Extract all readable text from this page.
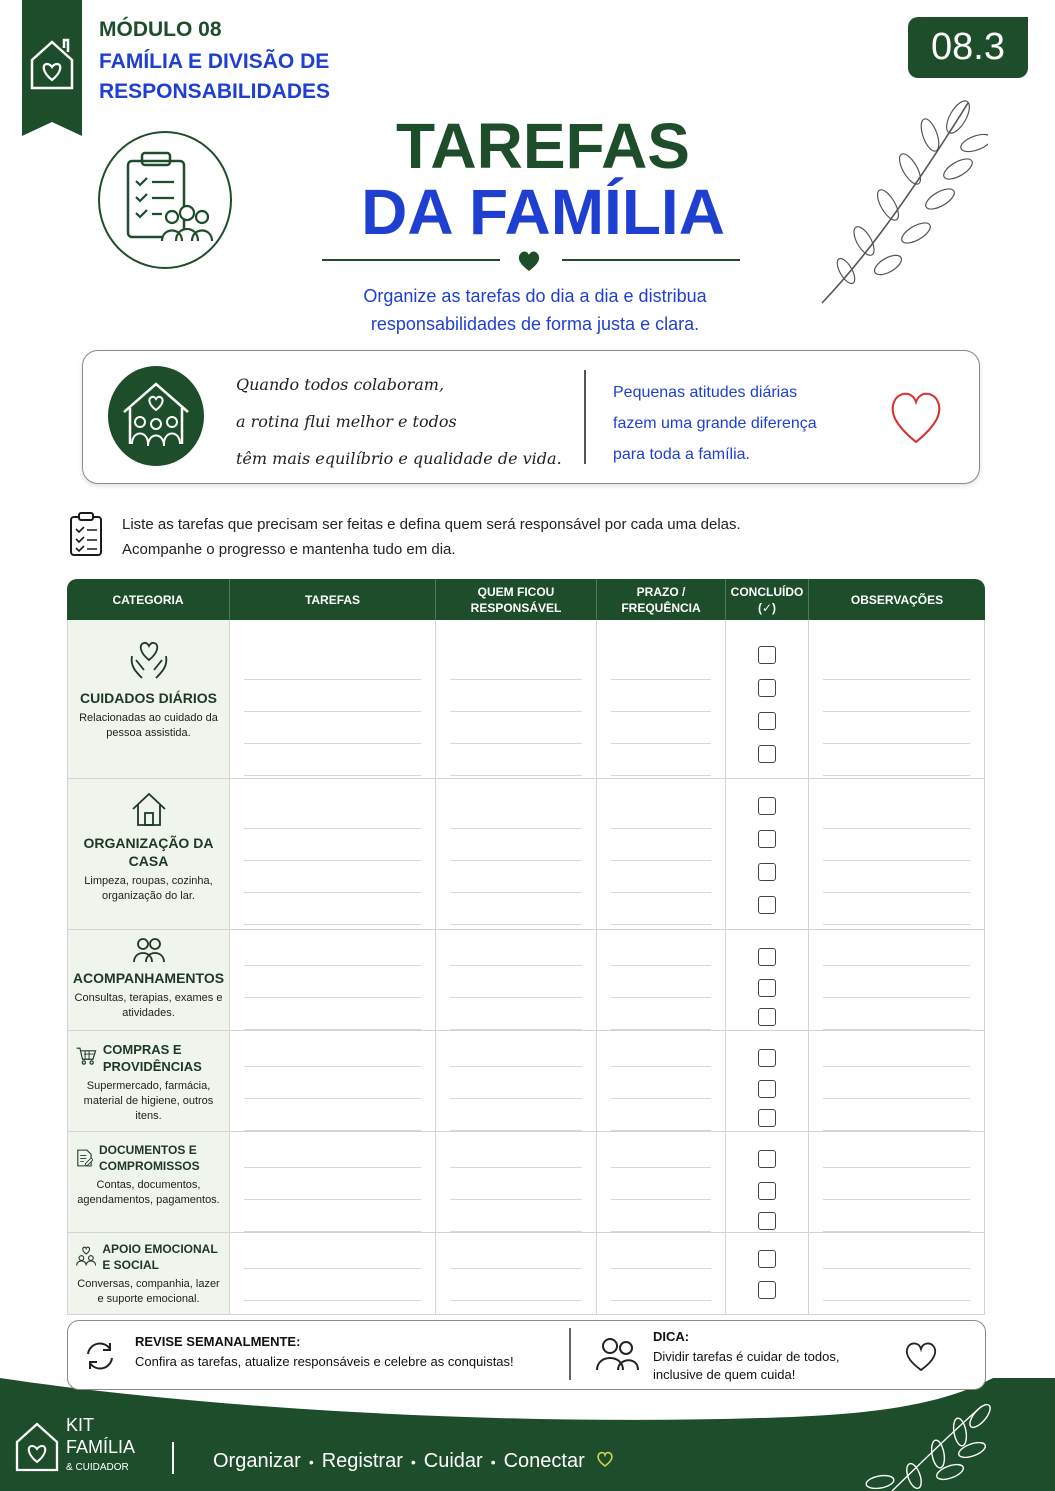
MÓDULO 08
FAMÍLIA E DIVISÃO DE RESPONSABILIDADES
08.3
TAREFAS
DA FAMÍLIA
Organize as tarefas do dia a dia e distribua responsabilidades de forma justa e clara.
Quando todos colaboram,
a rotina flui melhor e todos
têm mais equilíbrio e qualidade de vida.
Pequenas atitudes diárias
fazem uma grande diferença
para toda a família.
Liste as tarefas que precisam ser feitas e defina quem será responsável por cada uma delas.
Acompanhe o progresso e mantenha tudo em dia.
CATEGORIA	TAREFAS	QUEM FICOU RESPONSÁVEL	PRAZO / FREQUÊNCIA	CONCLUÍDO (✓)	OBSERVAÇÕES

CUIDADOS DIÁRIOS
Relacionadas ao cuidado da pessoa assistida.					

ORGANIZAÇÃO DA CASA
Limpeza, roupas, cozinha, organização do lar.					

ACOMPANHAMENTOS
Consultas, terapias, exames e atividades.					

COMPRAS E PROVIDÊNCIAS
Supermercado, farmácia, material de higiene, outros itens.					

DOCUMENTOS E COMPROMISSOS
Contas, documentos, agendamentos, pagamentos.					

APOIO EMOCIONAL E SOCIAL
Conversas, companhia, lazer e suporte emocional.					

REVISE SEMANALMENTE:
Confira as tarefas, atualize responsáveis e celebre as conquistas!
DICA:
Dividir tarefas é cuidar de todos, inclusive de quem cuida!
KIT
FAMÍLIA
& CUIDADOR	Organizar • Registrar • Cuidar • Conectar
